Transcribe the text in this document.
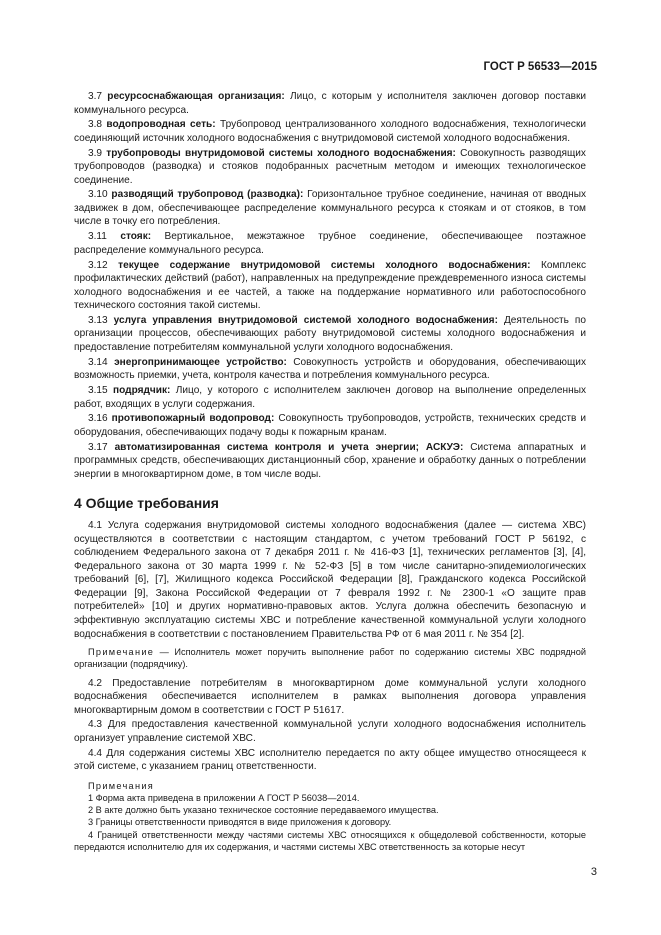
ГОСТ Р 56533—2015
3.7 ресурсоснабжающая организация: Лицо, с которым у исполнителя заключен договор поставки коммунального ресурса.
3.8 водопроводная сеть: Трубопровод централизованного холодного водоснабжения, технологически соединяющий источник холодного водоснабжения с внутридомовой системой холодного водоснабжения.
3.9 трубопроводы внутридомовой системы холодного водоснабжения: Совокупность разводящих трубопроводов (разводка) и стояков подобранных расчетным методом и имеющих технологическое соединение.
3.10 разводящий трубопровод (разводка): Горизонтальное трубное соединение, начиная от вводных задвижек в дом, обеспечивающее распределение коммунального ресурса к стоякам и от стояков, в том числе в точку его потребления.
3.11 стояк: Вертикальное, межэтажное трубное соединение, обеспечивающее поэтажное распределение коммунального ресурса.
3.12 текущее содержание внутридомовой системы холодного водоснабжения: Комплекс профилактических действий (работ), направленных на предупреждение преждевременного износа системы холодного водоснабжения и ее частей, а также на поддержание нормативного или работоспособного технического состояния такой системы.
3.13 услуга управления внутридомовой системой холодного водоснабжения: Деятельность по организации процессов, обеспечивающих работу внутридомовой системы холодного водоснабжения и предоставление потребителям коммунальной услуги холодного водоснабжения.
3.14 энергопринимающее устройство: Совокупность устройств и оборудования, обеспечивающих возможность приемки, учета, контроля качества и потребления коммунального ресурса.
3.15 подрядчик: Лицо, у которого с исполнителем заключен договор на выполнение определенных работ, входящих в услуги содержания.
3.16 противопожарный водопровод: Совокупность трубопроводов, устройств, технических средств и оборудования, обеспечивающих подачу воды к пожарным кранам.
3.17 автоматизированная система контроля и учета энергии; АСКУЭ: Система аппаратных и программных средств, обеспечивающих дистанционный сбор, хранение и обработку данных о потреблении энергии в многоквартирном доме, в том числе воды.
4 Общие требования
4.1 Услуга содержания внутридомовой системы холодного водоснабжения (далее — система ХВС) осуществляются в соответствии с настоящим стандартом, с учетом требований ГОСТ Р 56192, с соблюдением Федерального закона от 7 декабря 2011 г. № 416-ФЗ [1], технических регламентов [3], [4], Федерального закона от 30 марта 1999 г. № 52-ФЗ [5] в том числе санитарно-эпидемиологических требований [6], [7], Жилищного кодекса Российской Федерации [8], Гражданского кодекса Российской Федерации [9], Закона Российской Федерации от 7 февраля 1992 г. № 2300-1 «О защите прав потребителей» [10] и других нормативно-правовых актов. Услуга должна обеспечить безопасную и эффективную эксплуатацию системы ХВС и потребление качественной коммунальной услуги холодного водоснабжения в соответствии с постановлением Правительства РФ от 6 мая 2011 г. № 354 [2].
Примечание — Исполнитель может поручить выполнение работ по содержанию системы ХВС подрядной организации (подрядчику).
4.2 Предоставление потребителям в многоквартирном доме коммунальной услуги холодного водоснабжения обеспечивается исполнителем в рамках выполнения договора управления многоквартирным домом в соответствии с ГОСТ Р 51617.
4.3 Для предоставления качественной коммунальной услуги холодного водоснабжения исполнитель организует управление системой ХВС.
4.4 Для содержания системы ХВС исполнителю передается по акту общее имущество относящееся к этой системе, с указанием границ ответственности.
Примечания
1 Форма акта приведена в приложении А ГОСТ Р 56038—2014.
2 В акте должно быть указано техническое состояние передаваемого имущества.
3 Границы ответственности приводятся в виде приложения к договору.
4 Границей ответственности между частями системы ХВС относящихся к общедолевой собственности, которые передаются исполнителю для их содержания, и частями системы ХВС ответственность за которые несут
3
